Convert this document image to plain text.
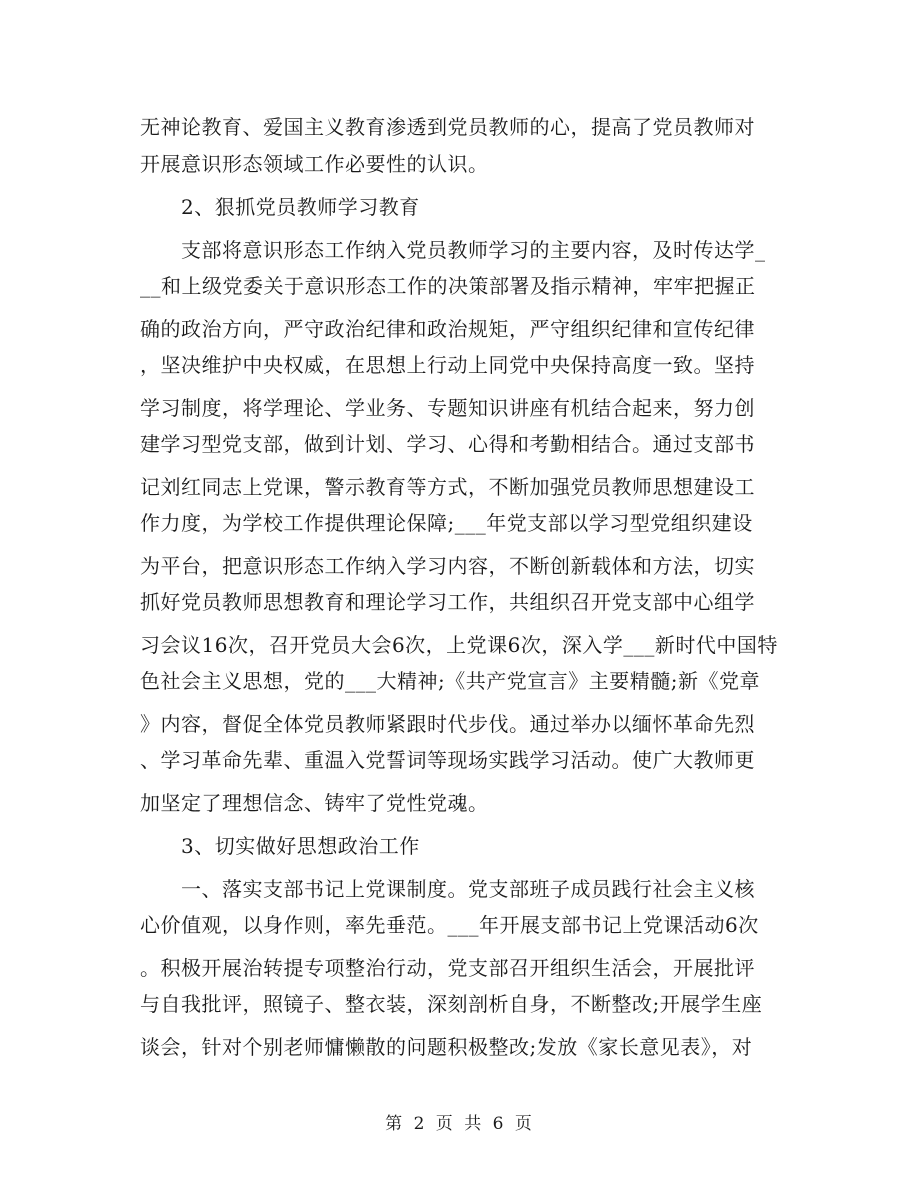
无神论教育、爱国主义教育渗透到党员教师的心，提高了党员教师对
开展意识形态领域工作必要性的认识。
　　2、狠抓党员教师学习教育
　　支部将意识形态工作纳入党员教师学习的主要内容，及时传达学_
__和上级党委关于意识形态工作的决策部署及指示精神，牢牢把握正
确的政治方向，严守政治纪律和政治规矩，严守组织纪律和宣传纪律
，坚决维护中央权威，在思想上行动上同党中央保持高度一致。坚持
学习制度，将学理论、学业务、专题知识讲座有机结合起来，努力创
建学习型党支部，做到计划、学习、心得和考勤相结合。通过支部书
记刘红同志上党课，警示教育等方式，不断加强党员教师思想建设工
作力度，为学校工作提供理论保障;___年党支部以学习型党组织建设
为平台，把意识形态工作纳入学习内容，不断创新载体和方法，切实
抓好党员教师思想教育和理论学习工作，共组织召开党支部中心组学
习会议16次，召开党员大会6次，上党课6次，深入学___新时代中国特
色社会主义思想，党的___大精神;《共产党宣言》主要精髓;新《党章
》内容，督促全体党员教师紧跟时代步伐。通过举办以缅怀革命先烈
、学习革命先辈、重温入党誓词等现场实践学习活动。使广大教师更
加坚定了理想信念、铸牢了党性党魂。
　　3、切实做好思想政治工作
　　一、落实支部书记上党课制度。党支部班子成员践行社会主义核
心价值观，以身作则，率先垂范。___年开展支部书记上党课活动6次
。积极开展治转提专项整治行动，党支部召开组织生活会，开展批评
与自我批评，照镜子、整衣装，深刻剖析自身，不断整改;开展学生座
谈会，针对个别老师慵懒散的问题积极整改;发放《家长意见表》，对
第 2 页 共 6 页
